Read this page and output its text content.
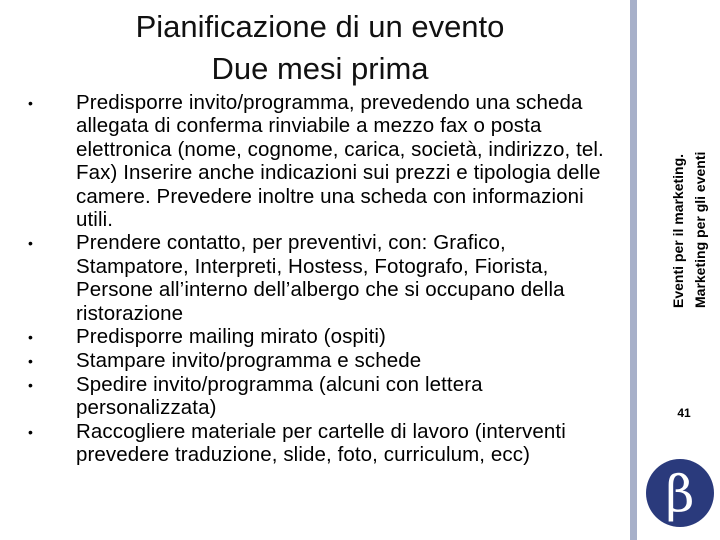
Pianificazione di un evento
Due mesi prima
•	Predisporre invito/programma, prevedendo una scheda allegata di conferma rinviabile a mezzo fax o posta elettronica (nome, cognome, carica, società, indirizzo, tel. Fax) Inserire anche indicazioni sui prezzi e tipologia delle camere. Prevedere inoltre una scheda con informazioni utili.
•	Prendere contatto, per preventivi, con: Grafico, Stampatore, Interpreti, Hostess, Fotografo, Fiorista, Persone all’interno dell’albergo che si occupano della ristorazione
•	Predisporre mailing mirato (ospiti)
•	Stampare invito/programma e schede
•	Spedire invito/programma (alcuni con lettera personalizzata)
•	Raccogliere materiale per cartelle di lavoro (interventi prevedere traduzione, slide, foto, curriculum, ecc)
Eventi per il marketing. Marketing per gli eventi
41
β
